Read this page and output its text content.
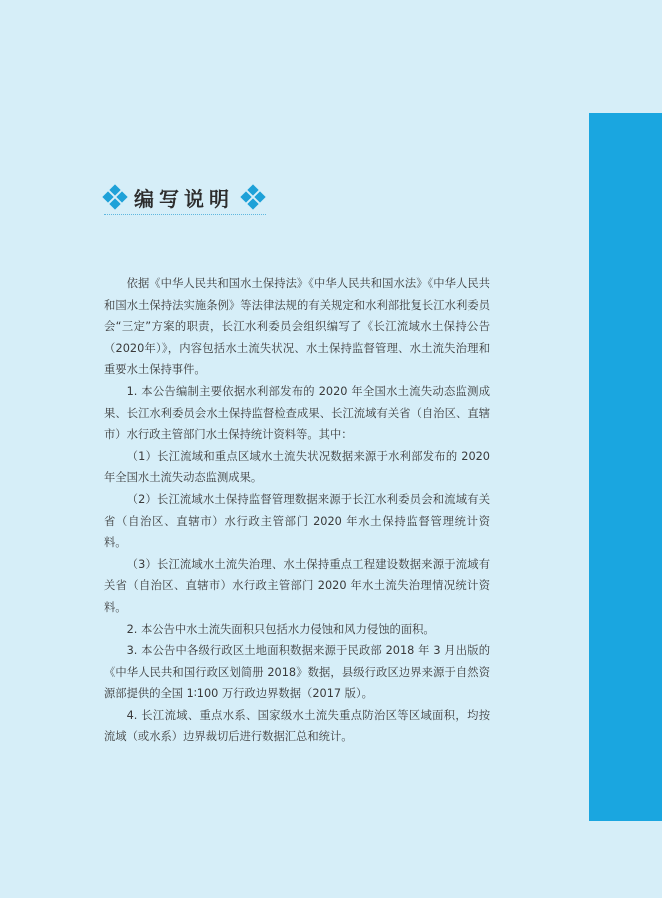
编写说明

依据《中华人民共和国水土保持法》《中华人民共和国水法》《中华人民共和国水土保持法实施条例》等法律法规的有关规定和水利部批复长江水利委员会“三定”方案的职责，长江水利委员会组织编写了《长江流域水土保持公告（2020年）》，内容包括水土流失状况、水土保持监督管理、水土流失治理和重要水土保持事件。

1. 本公告编制主要依据水利部发布的 2020 年全国水土流失动态监测成果、长江水利委员会水土保持监督检查成果、长江流域有关省（自治区、直辖市）水行政主管部门水土保持统计资料等。其中：

（1）长江流域和重点区域水土流失状况数据来源于水利部发布的 2020 年全国水土流失动态监测成果。

（2）长江流域水土保持监督管理数据来源于长江水利委员会和流域有关省（自治区、直辖市）水行政主管部门 2020 年水土保持监督管理统计资料。

（3）长江流域水土流失治理、水土保持重点工程建设数据来源于流域有关省（自治区、直辖市）水行政主管部门 2020 年水土流失治理情况统计资料。

2. 本公告中水土流失面积只包括水力侵蚀和风力侵蚀的面积。

3. 本公告中各级行政区土地面积数据来源于民政部 2018 年 3 月出版的《中华人民共和国行政区划简册 2018》数据，县级行政区边界来源于自然资源部提供的全国 1∶100 万行政边界数据（2017 版）。

4. 长江流域、重点水系、国家级水土流失重点防治区等区域面积，均按流域（或水系）边界裁切后进行数据汇总和统计。
